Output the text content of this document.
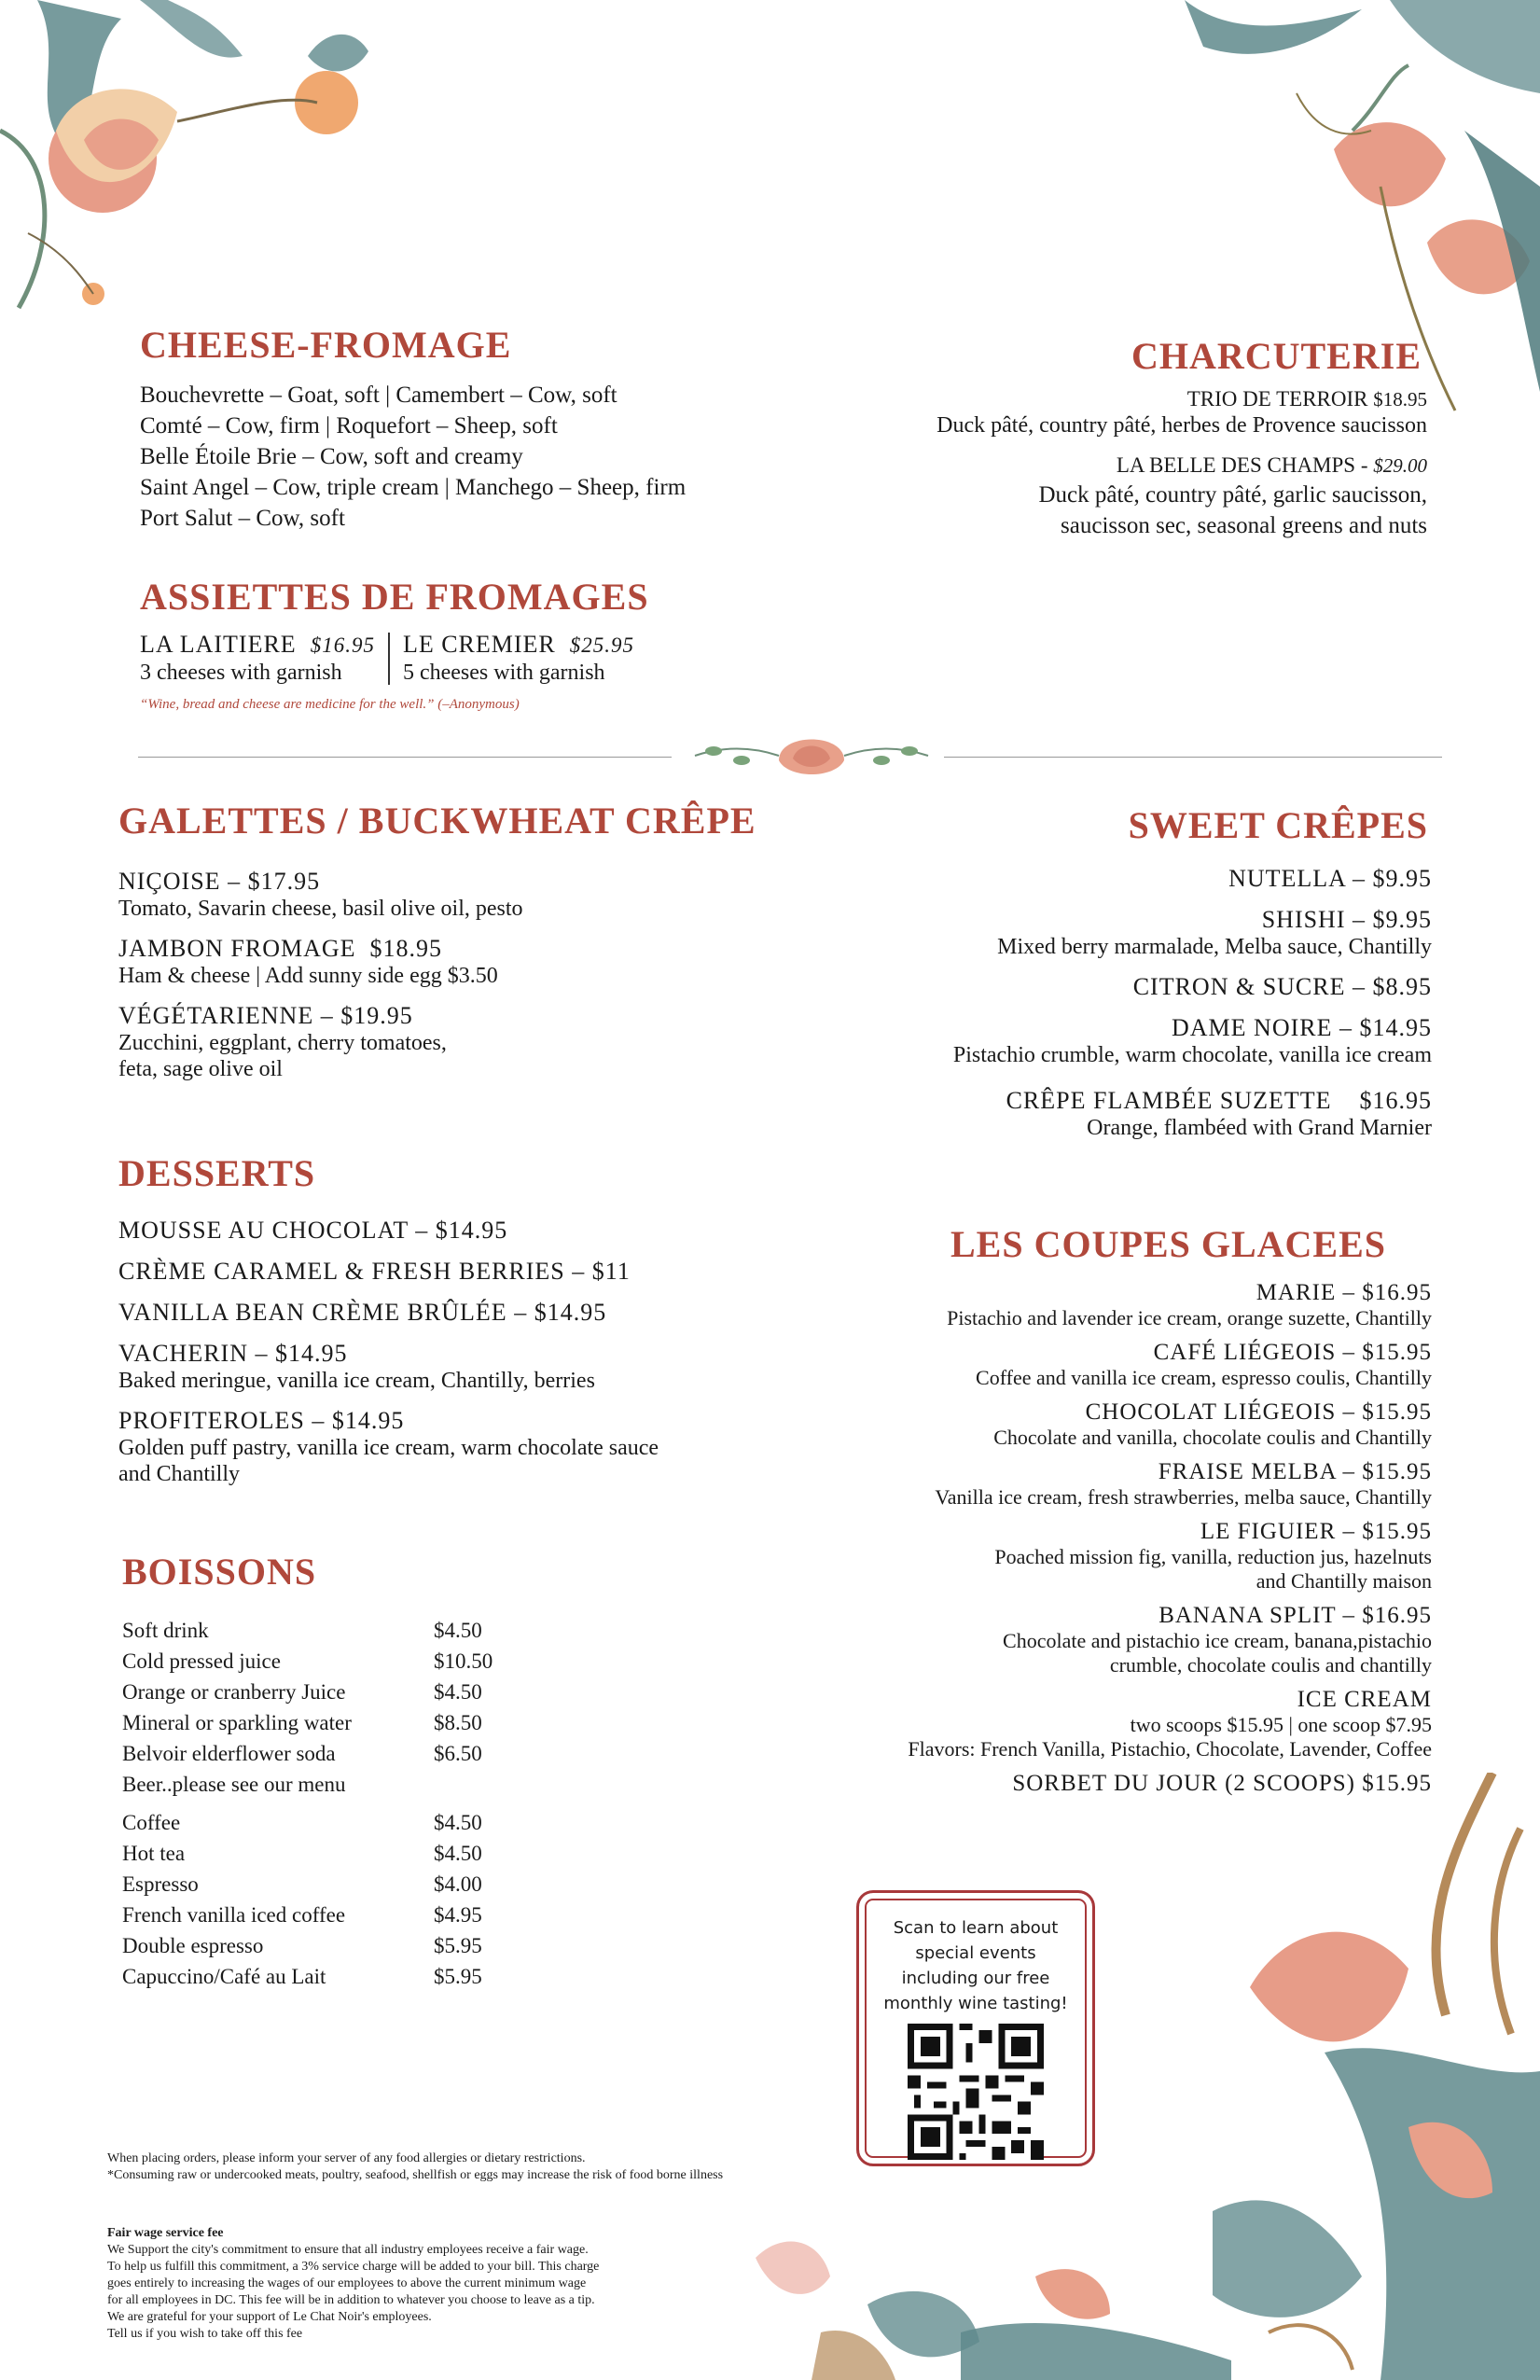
CHEESE-FROMAGE
Bouchevrette – Goat, soft | Camembert – Cow, soft
Comté – Cow, firm | Roquefort – Sheep, soft
Belle Étoile Brie – Cow, soft and creamy
Saint Angel – Cow, triple cream | Manchego – Sheep, firm
Port Salut – Cow, soft
ASSIETTES DE FROMAGES
LA LAITIERE $16.95
3 cheeses with garnish
LE CREMIER $25.95
5 cheeses with garnish
“Wine, bread and cheese are medicine for the well.” (–Anonymous)
CHARCUTERIE
TRIO DE TERROIR $18.95
Duck pâté, country pâté, herbes de Provence saucisson
LA BELLE DES CHAMPS - $29.00
Duck pâté, country pâté, garlic saucisson,
saucisson sec, seasonal greens and nuts
GALETTES / BUCKWHEAT CRÊPE
NIÇOISE – $17.95
Tomato, Savarin cheese, basil olive oil, pesto
JAMBON FROMAGE $18.95
Ham & cheese | Add sunny side egg $3.50
VÉGÉTARIENNE – $19.95
Zucchini, eggplant, cherry tomatoes,
feta, sage olive oil
DESSERTS
MOUSSE AU CHOCOLAT – $14.95
CRÈME CARAMEL & FRESH BERRIES – $11
VANILLA BEAN CRÈME BRÛLÉE – $14.95
VACHERIN – $14.95
Baked meringue, vanilla ice cream, Chantilly, berries
PROFITEROLES – $14.95
Golden puff pastry, vanilla ice cream, warm chocolate sauce
and Chantilly
BOISSONS
Soft drink	$4.50
Cold pressed juice	$10.50
Orange or cranberry Juice	$4.50
Mineral or sparkling water	$8.50
Belvoir elderflower soda	$6.50
Beer..please see our menu
Coffee	$4.50
Hot tea	$4.50
Espresso	$4.00
French vanilla iced coffee	$4.95
Double espresso	$5.95
Capuccino/Café au Lait	$5.95
SWEET CRÊPES
NUTELLA – $9.95
SHISHI – $9.95
Mixed berry marmalade, Melba sauce, Chantilly
CITRON & SUCRE – $8.95
DAME NOIRE – $14.95
Pistachio crumble, warm chocolate, vanilla ice cream
CRÊPE FLAMBÉE SUZETTE $16.95
Orange, flambéed with Grand Marnier
LES COUPES GLACEES
MARIE – $16.95
Pistachio and lavender ice cream, orange suzette, Chantilly
CAFÉ LIÉGEOIS – $15.95
Coffee and vanilla ice cream, espresso coulis, Chantilly
CHOCOLAT LIÉGEOIS – $15.95
Chocolate and vanilla, chocolate coulis and Chantilly
FRAISE MELBA – $15.95
Vanilla ice cream, fresh strawberries, melba sauce, Chantilly
LE FIGUIER – $15.95
Poached mission fig, vanilla, reduction jus, hazelnuts
and Chantilly maison
BANANA SPLIT – $16.95
Chocolate and pistachio ice cream, banana,pistachio
crumble, chocolate coulis and chantilly
ICE CREAM
two scoops $15.95 | one scoop $7.95
Flavors: French Vanilla, Pistachio, Chocolate, Lavender, Coffee
SORBET DU JOUR (2 SCOOPS) $15.95
Scan to learn about
special events
including our free
monthly wine tasting!
When placing orders, please inform your server of any food allergies or dietary restrictions.
*Consuming raw or undercooked meats, poultry, seafood, shellfish or eggs may increase the risk of food borne illness
Fair wage service fee
We Support the city's commitment to ensure that all industry employees receive a fair wage.
To help us fulfill this commitment, a 3% service charge will be added to your bill. This charge
goes entirely to increasing the wages of our employees to above the current minimum wage
for all employees in DC. This fee will be in addition to whatever you choose to leave as a tip.
We are grateful for your support of Le Chat Noir's employees.
Tell us if you wish to take off this fee
